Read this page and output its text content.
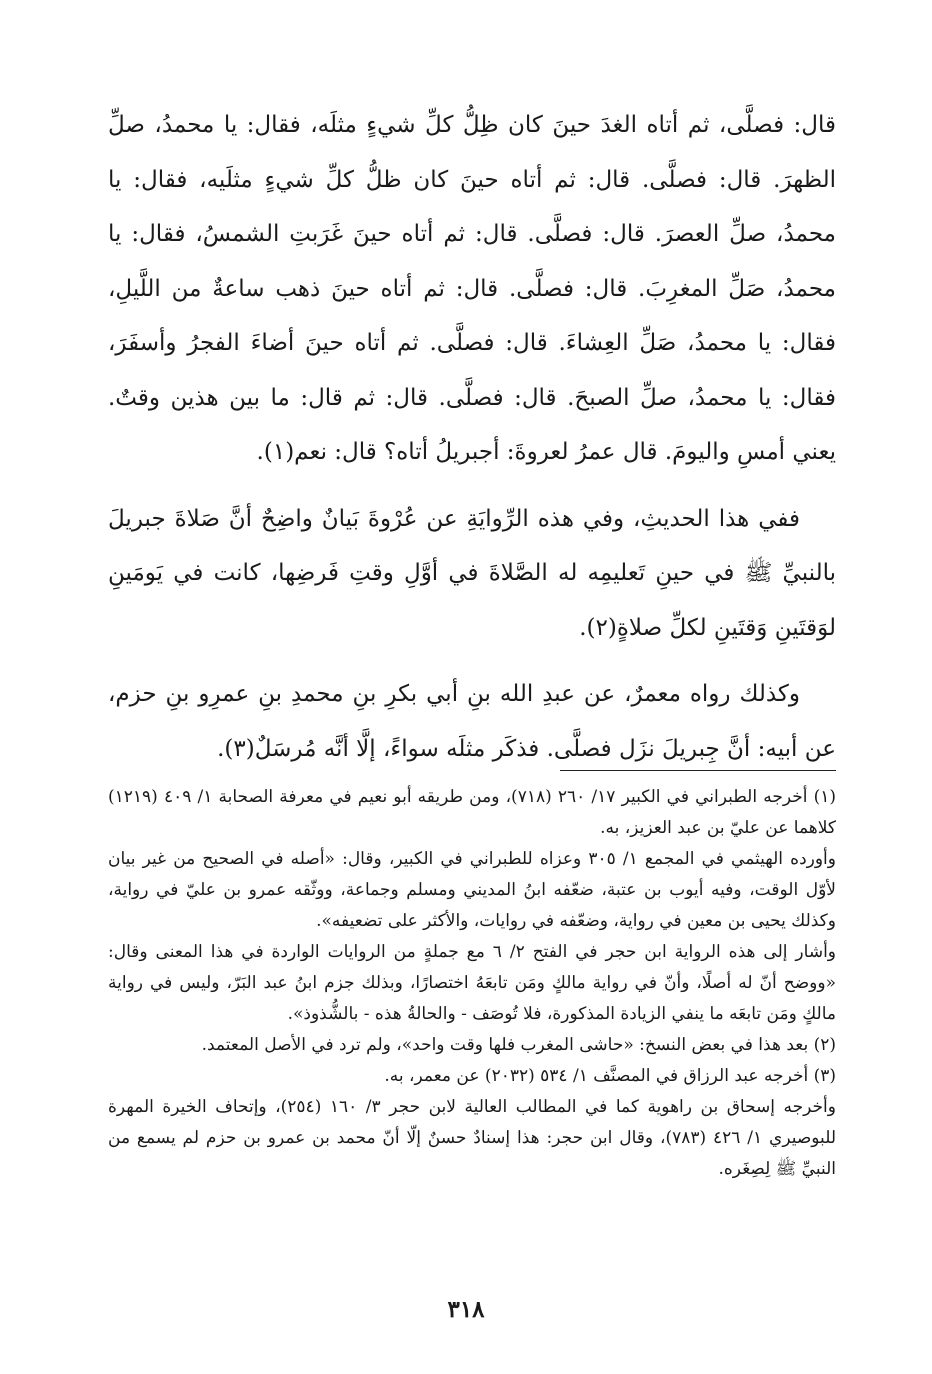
قال: فصلَّى، ثم أتاه الغدَ حينَ كان ظِلُّ كلِّ شيءٍ مثلَه، فقال: يا محمدُ، صلِّ الظهرَ. قال: فصلَّى. قال: ثم أتاه حينَ كان ظلُّ كلِّ شيءٍ مثلَيه، فقال: يا محمدُ، صلِّ العصرَ. قال: فصلَّى. قال: ثم أتاه حينَ غَرَبتِ الشمسُ، فقال: يا محمدُ، صَلِّ المغرِبَ. قال: فصلَّى. قال: ثم أتاه حينَ ذهب ساعةٌ من اللَّيلِ، فقال: يا محمدُ، صَلِّ العِشاءَ. قال: فصلَّى. ثم أتاه حينَ أضاءَ الفجرُ وأسفَرَ، فقال: يا محمدُ، صلِّ الصبحَ. قال: فصلَّى. قال: ثم قال: ما بين هذين وقتٌ. يعني أمسِ واليومَ. قال عمرُ لعروةَ: أجبريلُ أتاه؟ قال: نعم(١).

ففي هذا الحديثِ، وفي هذه الرِّوايَةِ عن عُرْوةَ بَيانٌ واضِحٌ أنَّ صَلاةَ جبريلَ بالنبيِّ ﷺ في حينِ تَعليمِه له الصَّلاةَ في أوَّلِ وقتِ فَرضِها، كانت في يَومَينِ لوَقتَينِ وَقتَينِ لكلِّ صلاةٍ(٢).

وكذلك رواه معمرٌ، عن عبدِ الله بنِ أبي بكرِ بنِ محمدِ بنِ عمرِو بنِ حزم، عن أبيه: أنَّ جِبريلَ نزَل فصلَّى. فذكَر مثلَه سواءً، إلَّا أنَّه مُرسَلٌ(٣).

(١) أخرجه الطبراني في الكبير ١٧/ ٢٦٠ (٧١٨)، ومن طريقه أبو نعيم في معرفة الصحابة ١/ ٤٠٩ (١٢١٩) كلاهما عن عليّ بن عبد العزيز، به.

وأورده الهيثمي في المجمع ١/ ٣٠٥ وعزاه للطبراني في الكبير، وقال: «أصله في الصحيح من غير بيان لأوّل الوقت، وفيه أيوب بن عتبة، ضعّفه ابنُ المديني ومسلم وجماعة، ووثّقه عمرو بن عليّ في رواية، وكذلك يحيى بن معين في رواية، وضعّفه في روايات، والأكثر على تضعيفه».

وأشار إلى هذه الرواية ابن حجر في الفتح ٢/ ٦ مع جملةٍ من الروايات الواردة في هذا المعنى وقال: «ووضح أنّ له أصلًا، وأنّ في رواية مالكٍ ومَن تابعَهُ اختصارًا، وبذلك جزم ابنُ عبد البَرّ، وليس في رواية مالكٍ ومَن تابعَه ما ينفي الزيادة المذكورة، فلا تُوصَف - والحالةُ هذه - بالشُّذوذ».

(٢) بعد هذا في بعض النسخ: «حاشى المغرب فلها وقت واحد»، ولم ترد في الأصل المعتمد.

(٣) أخرجه عبد الرزاق في المصنَّف ١/ ٥٣٤ (٢٠٣٢) عن معمر، به.

وأخرجه إسحاق بن راهوية كما في المطالب العالية لابن حجر ٣/ ١٦٠ (٢٥٤)، وإتحاف الخيرة المهرة للبوصيري ١/ ٤٢٦ (٧٨٣)، وقال ابن حجر: هذا إسنادٌ حسنٌ إلّا أنّ محمد بن عمرو بن حزم لم يسمع من النبيِّ ﷺ لِصِغَره.

٣١٨
